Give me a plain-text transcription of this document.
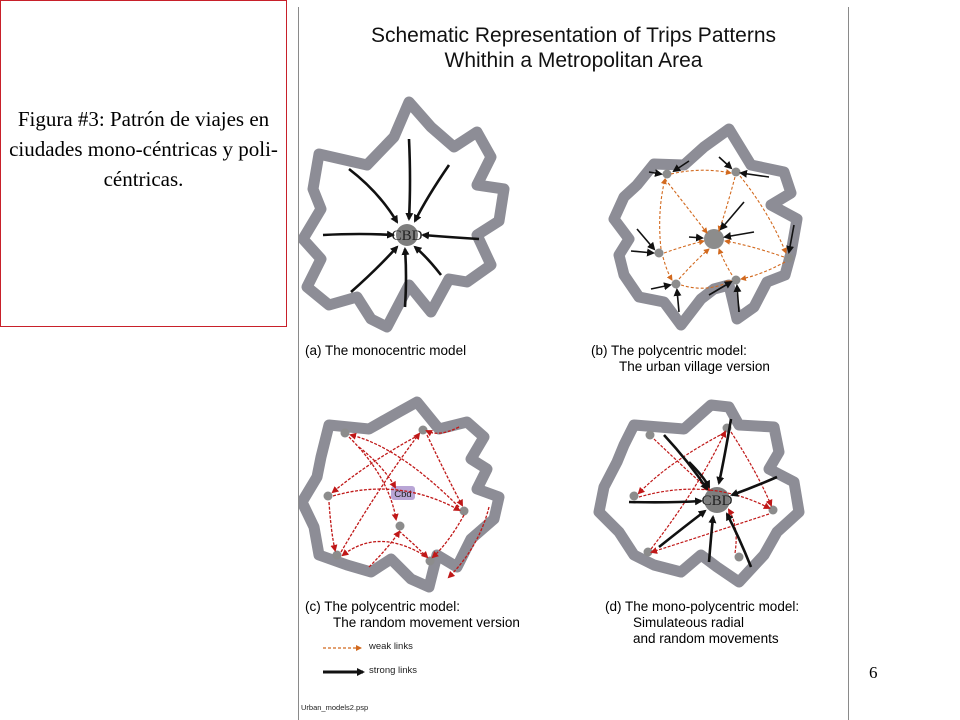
Figura #3: Patrón de viajes en ciudades mono-céntricas y poli-céntricas.
Schematic Representation of Trips Patterns
Whithin a Metropolitan Area
CBD
Cbd	CBD
(a) The monocentric model	(b) The polycentric model:
The urban village version
(c) The polycentric model:
The random movement version
(d) The mono-polycentric model:
Simulateous radial
and random movements
weak links
strong links
Urban_models2.psp
6
